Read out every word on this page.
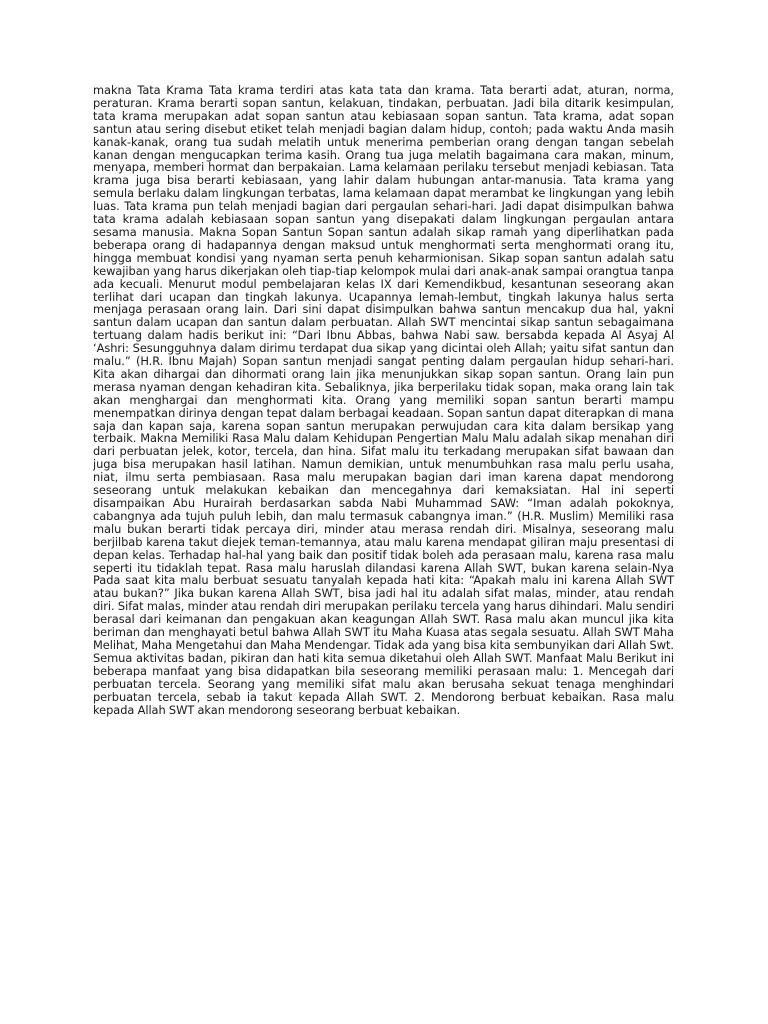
makna Tata Krama Tata krama terdiri atas kata tata dan krama. Tata berarti adat, aturan, norma, peraturan. Krama berarti sopan santun, kelakuan, tindakan, perbuatan. Jadi bila ditarik kesimpulan, tata krama merupakan adat sopan santun atau kebiasaan sopan santun. Tata krama, adat sopan santun atau sering disebut etiket telah menjadi bagian dalam hidup, contoh; pada waktu Anda masih kanak-kanak, orang tua sudah melatih untuk menerima pemberian orang dengan tangan sebelah kanan dengan mengucapkan terima kasih. Orang tua juga melatih bagaimana cara makan, minum, menyapa, memberi hormat dan berpakaian. Lama kelamaan perilaku tersebut menjadi kebiasan. Tata krama juga bisa berarti kebiasaan, yang lahir dalam hubungan antar-manusia. Tata krama yang semula berlaku dalam lingkungan terbatas, lama kelamaan dapat merambat ke lingkungan yang lebih luas. Tata krama pun telah menjadi bagian dari pergaulan sehari-hari. Jadi dapat disimpulkan bahwa tata krama adalah kebiasaan sopan santun yang disepakati dalam lingkungan pergaulan antara sesama manusia. Makna Sopan Santun Sopan santun adalah sikap ramah yang diperlihatkan pada beberapa orang di hadapannya dengan maksud untuk menghormati serta menghormati orang itu, hingga membuat kondisi yang nyaman serta penuh keharmionisan. Sikap sopan santun adalah satu kewajiban yang harus dikerjakan oleh tiap-tiap kelompok mulai dari anak-anak sampai orangtua tanpa ada kecuali. Menurut modul pembelajaran kelas IX dari Kemendikbud, kesantunan seseorang akan terlihat dari ucapan dan tingkah lakunya. Ucapannya lemah-lembut, tingkah lakunya halus serta menjaga perasaan orang lain. Dari sini dapat disimpulkan bahwa santun mencakup dua hal, yakni santun dalam ucapan dan santun dalam perbuatan. Allah SWT mencintai sikap santun sebagaimana tertuang dalam hadis berikut ini: “Dari Ibnu Abbas, bahwa Nabi saw. bersabda kepada Al Asyaj Al ‘Ashri: Sesungguhnya dalam dirimu terdapat dua sikap yang dicintai oleh Allah; yaitu sifat santun dan malu.” (H.R. Ibnu Majah) Sopan santun menjadi sangat penting dalam pergaulan hidup sehari-hari. Kita akan dihargai dan dihormati orang lain jika menunjukkan sikap sopan santun. Orang lain pun merasa nyaman dengan kehadiran kita. Sebaliknya, jika berperilaku tidak sopan, maka orang lain tak akan menghargai dan menghormati kita. Orang yang memiliki sopan santun berarti mampu menempatkan dirinya dengan tepat dalam berbagai keadaan. Sopan santun dapat diterapkan di mana saja dan kapan saja, karena sopan santun merupakan perwujudan cara kita dalam bersikap yang terbaik. Makna Memiliki Rasa Malu dalam Kehidupan Pengertian Malu Malu adalah sikap menahan diri dari perbuatan jelek, kotor, tercela, dan hina. Sifat malu itu terkadang merupakan sifat bawaan dan juga bisa merupakan hasil latihan. Namun demikian, untuk menumbuhkan rasa malu perlu usaha, niat, ilmu serta pembiasaan. Rasa malu merupakan bagian dari iman karena dapat mendorong seseorang untuk melakukan kebaikan dan mencegahnya dari kemaksiatan. Hal ini seperti disampaikan Abu Hurairah berdasarkan sabda Nabi Muhammad SAW: “Iman adalah pokoknya, cabangnya ada tujuh puluh lebih, dan malu termasuk cabangnya iman.” (H.R. Muslim) Memiliki rasa malu bukan berarti tidak percaya diri, minder atau merasa rendah diri. Misalnya, seseorang malu berjilbab karena takut diejek teman-temannya, atau malu karena mendapat giliran maju presentasi di depan kelas. Terhadap hal-hal yang baik dan positif tidak boleh ada perasaan malu, karena rasa malu seperti itu tidaklah tepat. Rasa malu haruslah dilandasi karena Allah SWT, bukan karena selain-Nya Pada saat kita malu berbuat sesuatu tanyalah kepada hati kita: “Apakah malu ini karena Allah SWT atau bukan?” Jika bukan karena Allah SWT, bisa jadi hal itu adalah sifat malas, minder, atau rendah diri. Sifat malas, minder atau rendah diri merupakan perilaku tercela yang harus dihindari. Malu sendiri berasal dari keimanan dan pengakuan akan keagungan Allah SWT. Rasa malu akan muncul jika kita beriman dan menghayati betul bahwa Allah SWT itu Maha Kuasa atas segala sesuatu. Allah SWT Maha Melihat, Maha Mengetahui dan Maha Mendengar. Tidak ada yang bisa kita sembunyikan dari Allah Swt. Semua aktivitas badan, pikiran dan hati kita semua diketahui oleh Allah SWT. Manfaat Malu Berikut ini beberapa manfaat yang bisa didapatkan bila seseorang memiliki perasaan malu: 1. Mencegah dari perbuatan tercela. Seorang yang memiliki sifat malu akan berusaha sekuat tenaga menghindari perbuatan tercela, sebab ia takut kepada Allah SWT. 2. Mendorong berbuat kebaikan. Rasa malu kepada Allah SWT akan mendorong seseorang berbuat kebaikan.
